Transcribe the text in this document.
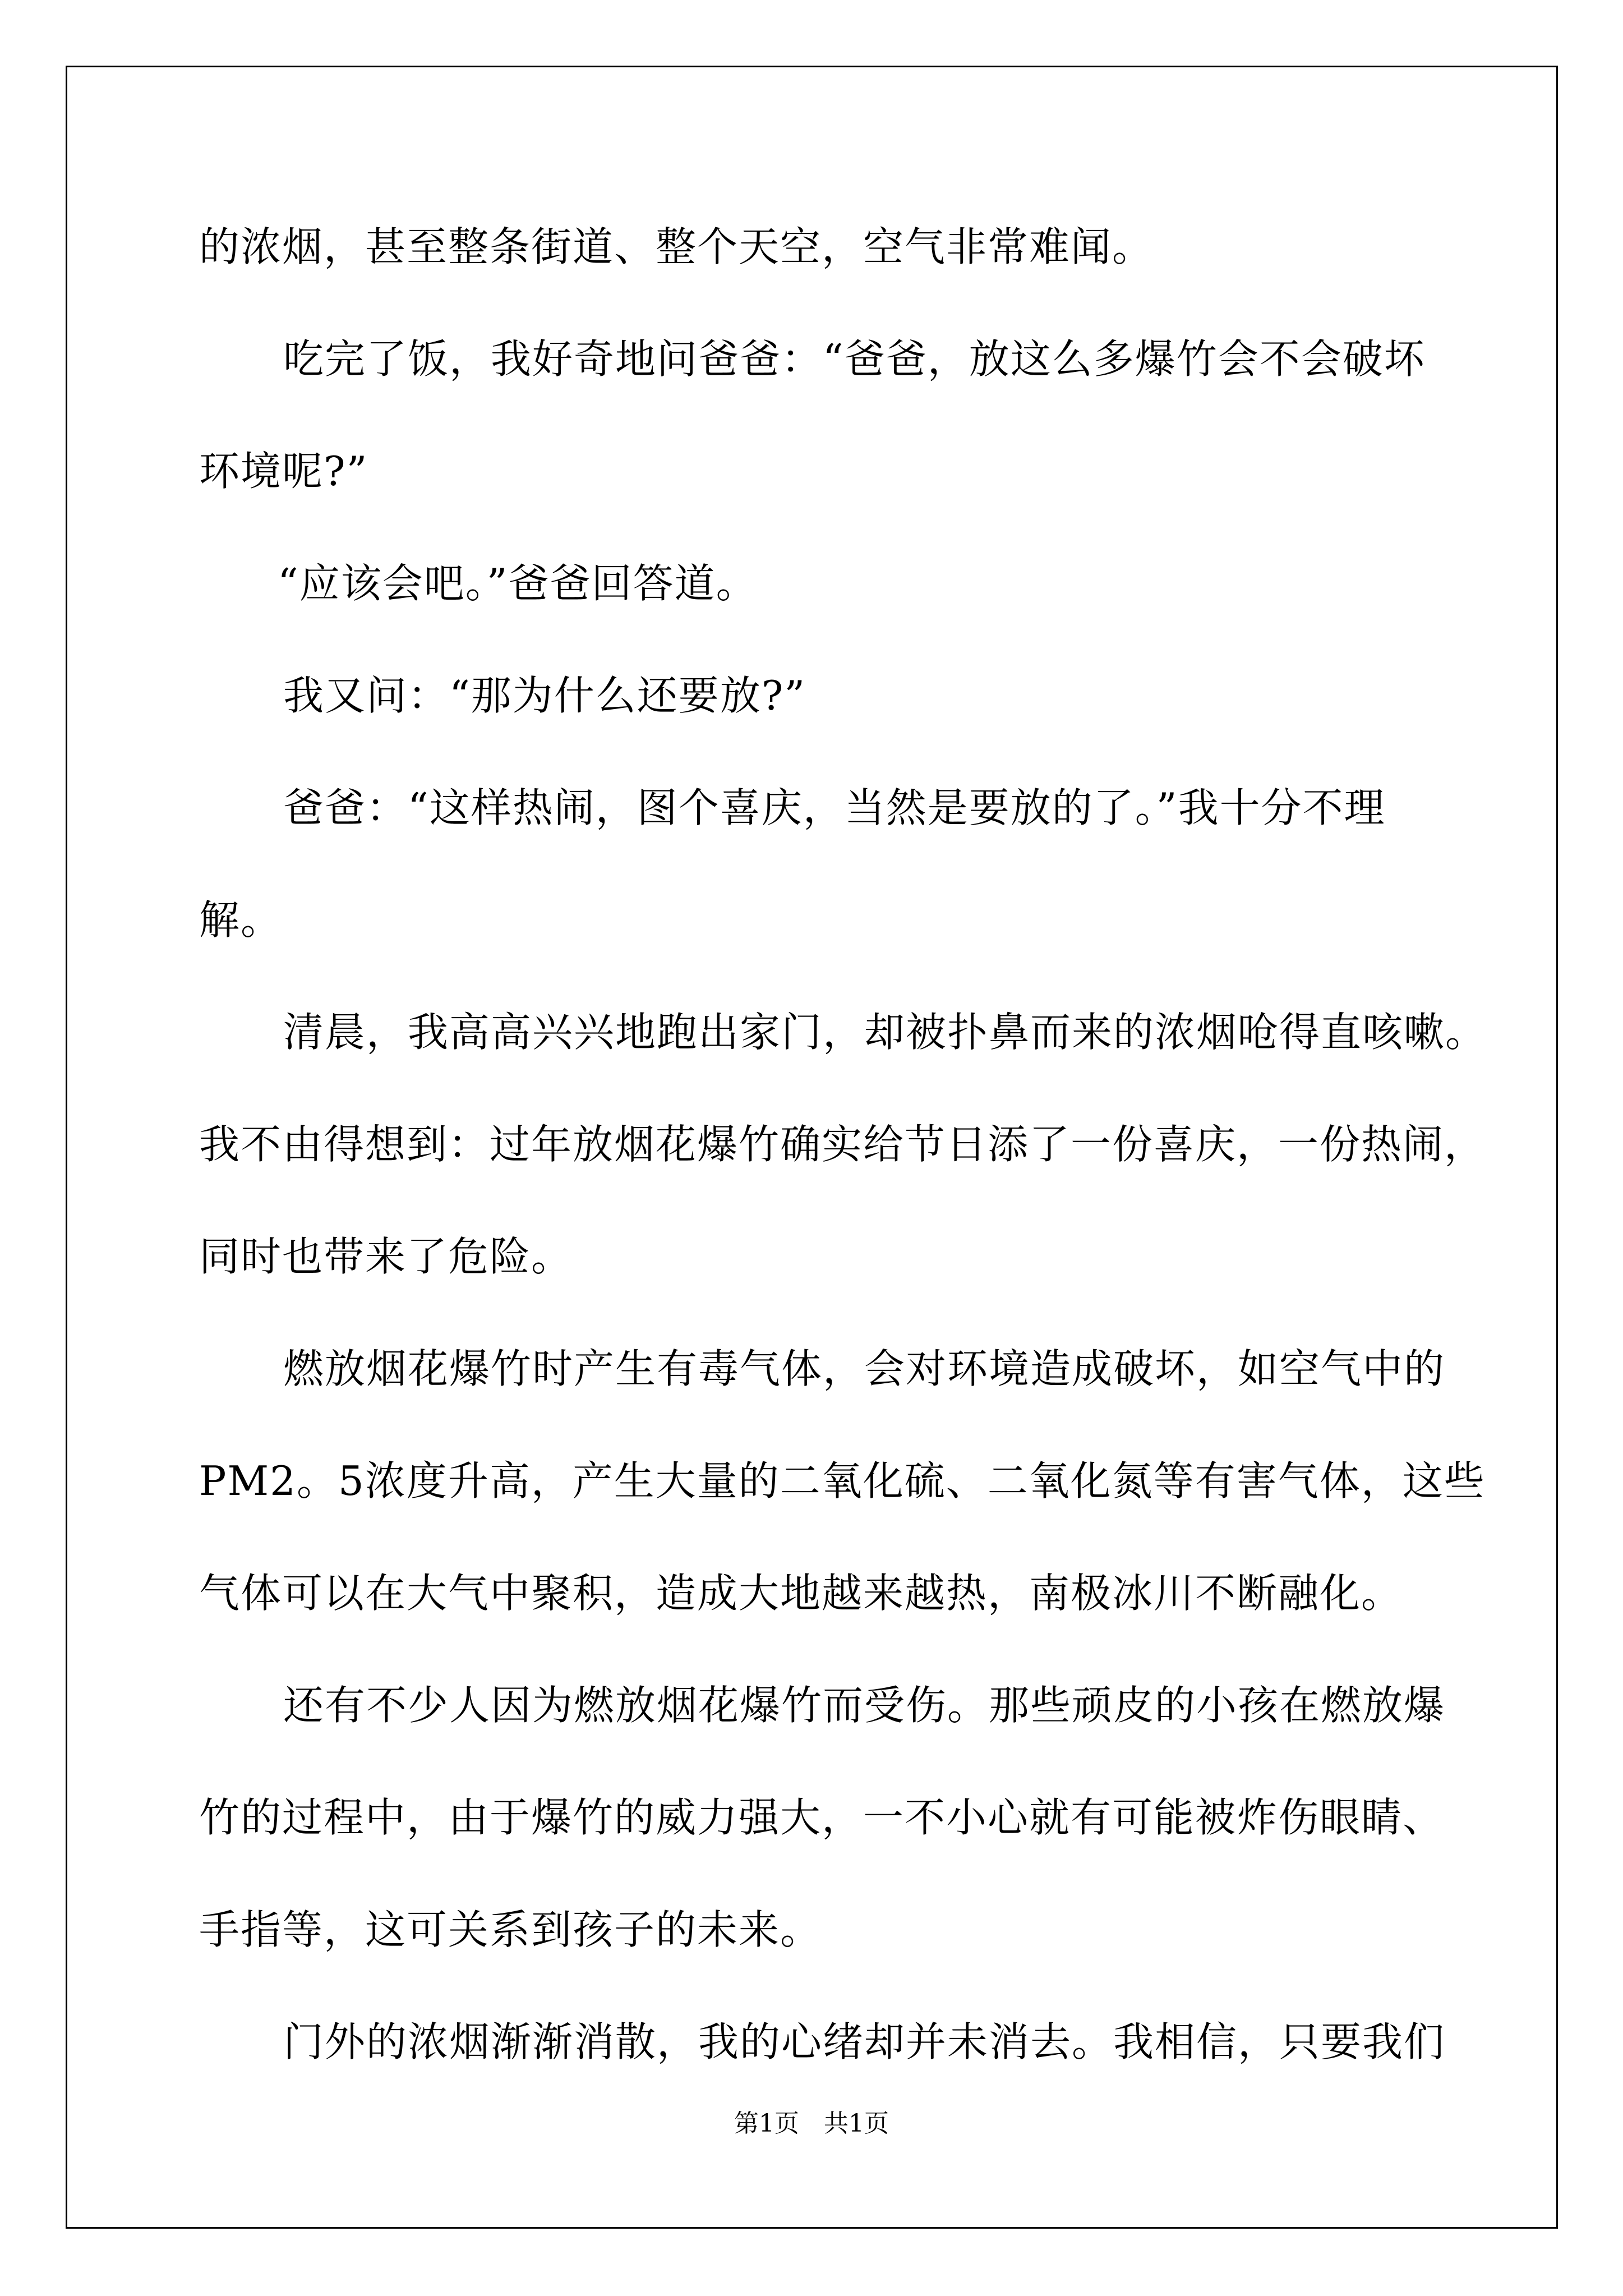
的浓烟，甚至整条街道、整个天空，空气非常难闻。
吃完了饭，我好奇地问爸爸：“爸爸，放这么多爆竹会不会破坏
环境呢?”
“应该会吧。”爸爸回答道。
我又问：“那为什么还要放?”
爸爸：“这样热闹，图个喜庆，当然是要放的了。”我十分不理
解。
清晨，我高高兴兴地跑出家门，却被扑鼻而来的浓烟呛得直咳嗽。
我不由得想到：过年放烟花爆竹确实给节日添了一份喜庆，一份热闹，
同时也带来了危险。
燃放烟花爆竹时产生有毒气体，会对环境造成破坏，如空气中的
PM2。5浓度升高，产生大量的二氧化硫、二氧化氮等有害气体，这些
气体可以在大气中聚积，造成大地越来越热，南极冰川不断融化。
还有不少人因为燃放烟花爆竹而受伤。那些顽皮的小孩在燃放爆
竹的过程中，由于爆竹的威力强大，一不小心就有可能被炸伤眼睛、
手指等，这可关系到孩子的未来。
门外的浓烟渐渐消散，我的心绪却并未消去。我相信，只要我们
第1页　共1页
